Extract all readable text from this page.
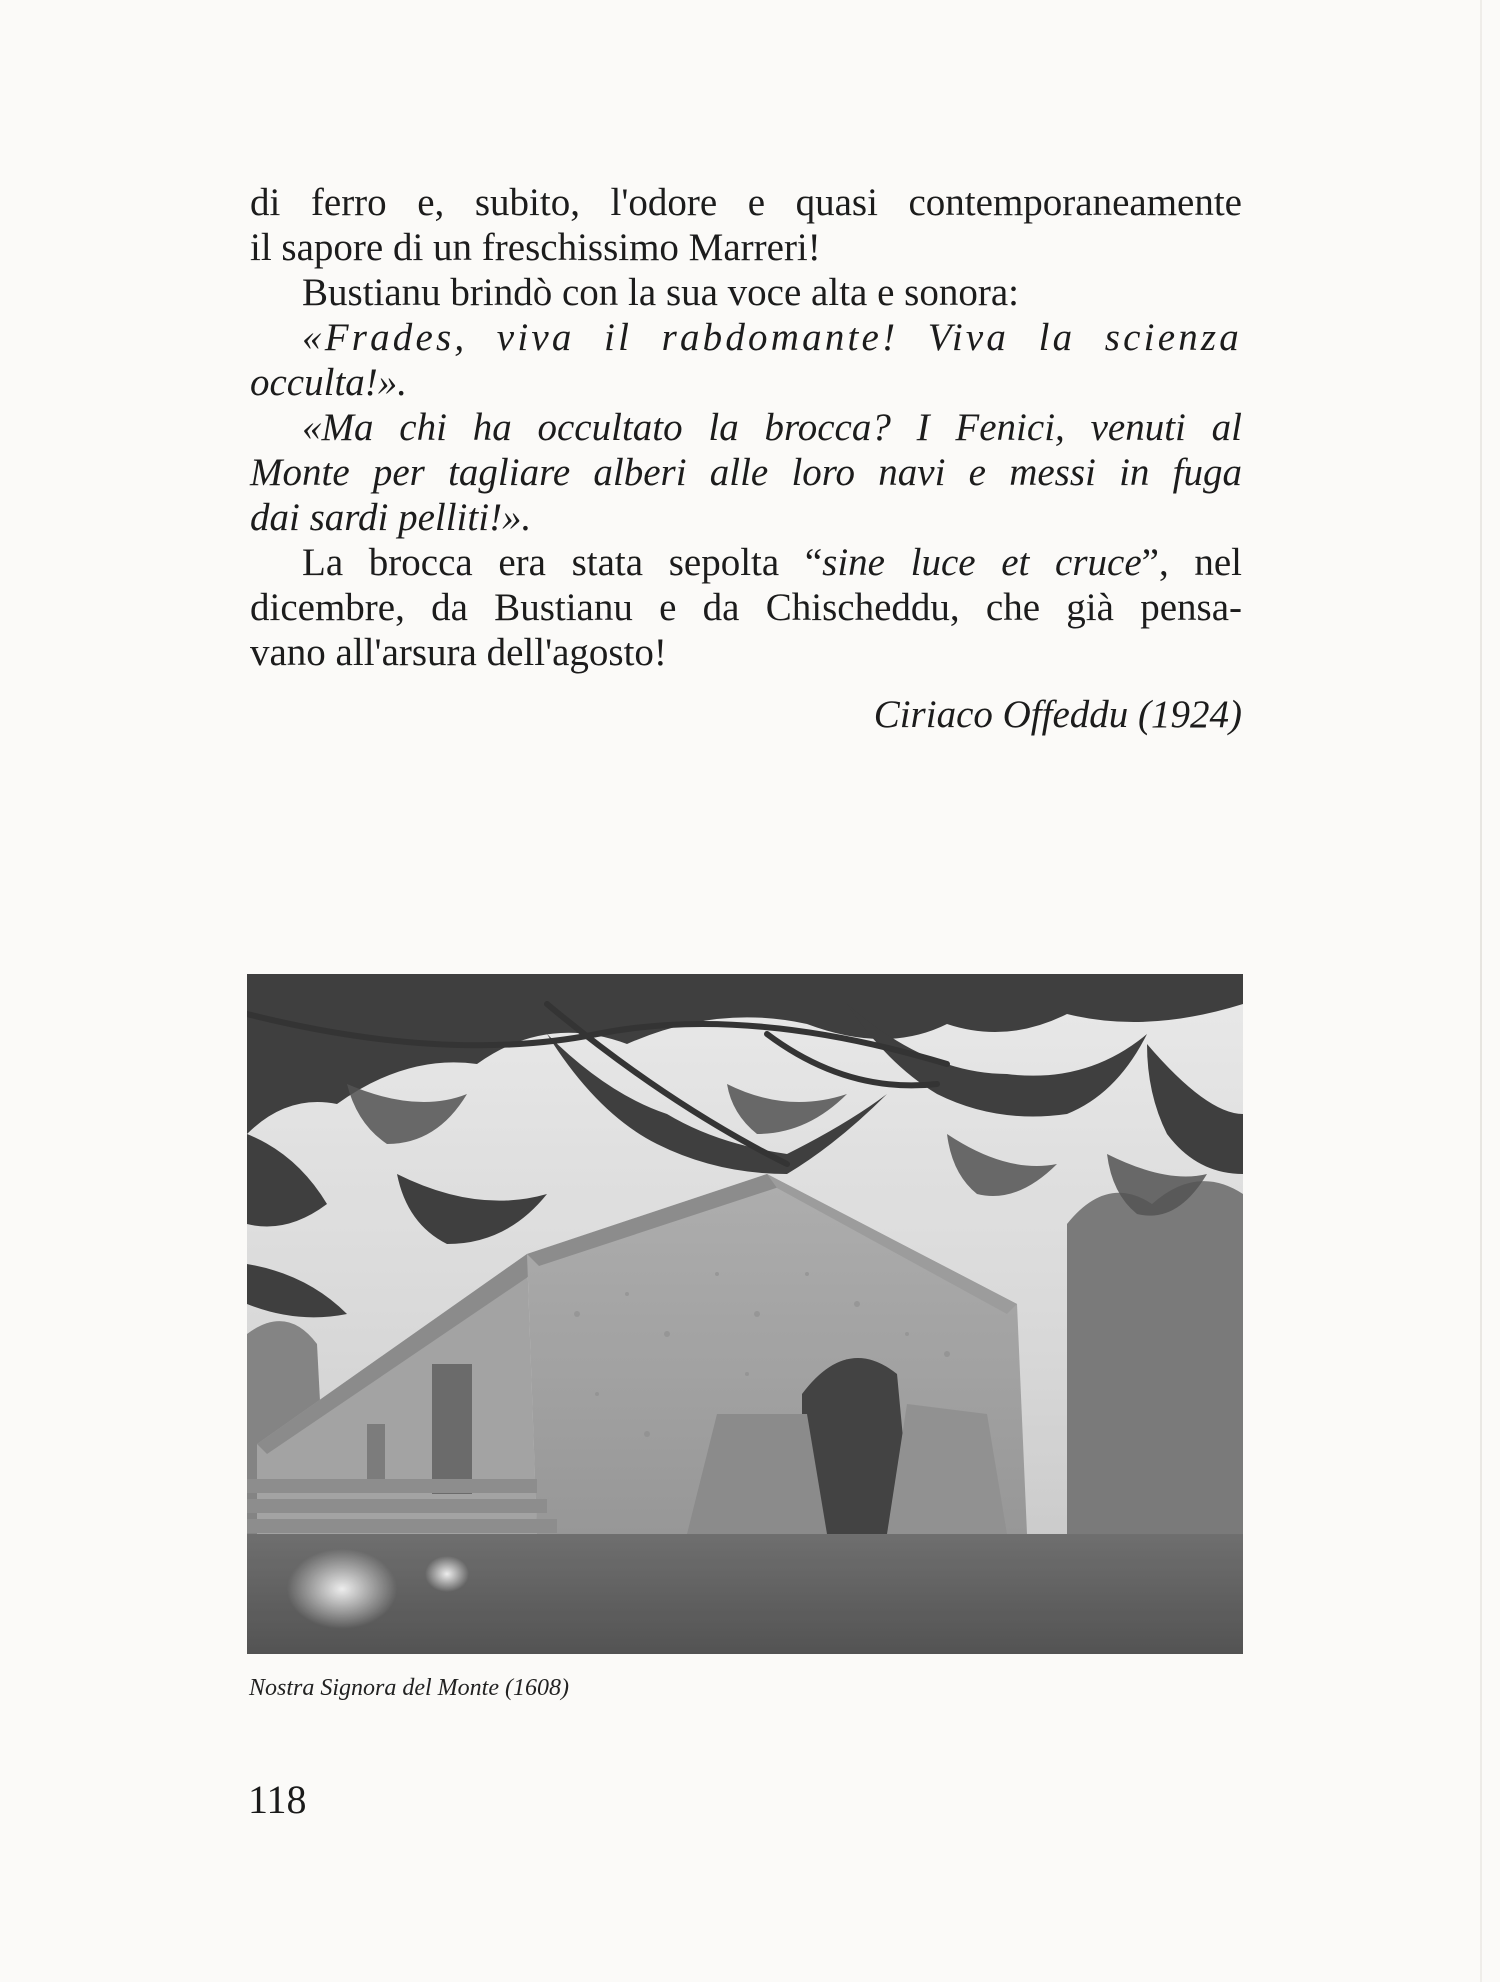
di ferro e, subito, l'odore e quasi contemporaneamente
il sapore di un freschissimo Marreri!
Bustianu brindò con la sua voce alta e sonora:
«Frades, viva il rabdomante! Viva la scienza
occulta!».
«Ma chi ha occultato la brocca? I Fenici, venuti al
Monte per tagliare alberi alle loro navi e messi in fuga
dai sardi pelliti!».
La brocca era stata sepolta “sine luce et cruce”, nel
dicembre, da Bustianu e da Chischeddu, che già pensa-
vano all'arsura dell'agosto!
Ciriaco Offeddu (1924)
Nostra Signora del Monte (1608)
118
